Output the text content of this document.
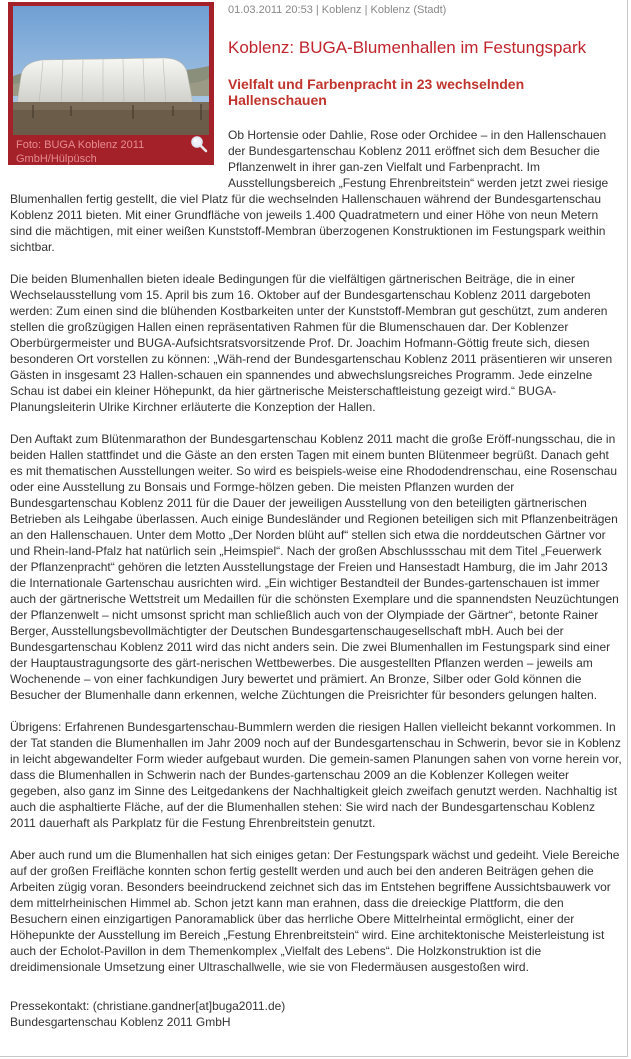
Foto: BUGA Koblenz 2011 GmbH/Hülpüsch
01.03.2011 20:53 | Koblenz | Koblenz (Stadt)
Koblenz: BUGA-Blumenhallen im Festungspark
Vielfalt und Farbenpracht in 23 wechselnden Hallenschauen

Ob Hortensie oder Dahlie, Rose oder Orchidee – in den Hallenschauen der Bundesgartenschau Koblenz 2011 eröffnet sich dem Besucher die Pflanzenwelt in ihrer gan-zen Vielfalt und Farbenpracht. Im Ausstellungsbereich „Festung Ehrenbreitstein“ werden jetzt zwei riesige Blumenhallen fertig gestellt, die viel Platz für die wechselnden Hallenschauen während der Bundesgartenschau Koblenz 2011 bieten. Mit einer Grundfläche von jeweils 1.400 Quadratmetern und einer Höhe von neun Metern sind die mächtigen, mit einer weißen Kunststoff-Membran überzogenen Konstruktionen im Festungspark weithin sichtbar.

Die beiden Blumenhallen bieten ideale Bedingungen für die vielfältigen gärtnerischen Beiträge, die in einer Wechselausstellung vom 15. April bis zum 16. Oktober auf der Bundesgartenschau Koblenz 2011 dargeboten werden: Zum einen sind die blühenden Kostbarkeiten unter der Kunststoff-Membran gut geschützt, zum anderen stellen die großzügigen Hallen einen repräsentativen Rahmen für die Blumenschauen dar. Der Koblenzer Oberbürgermeister und BUGA-Aufsichtsratsvorsitzende Prof. Dr. Joachim Hofmann-Göttig freute sich, diesen besonderen Ort vorstellen zu können: „Wäh-rend der Bundesgartenschau Koblenz 2011 präsentieren wir unseren Gästen in insgesamt 23 Hallen-schauen ein spannendes und abwechslungsreiches Programm. Jede einzelne Schau ist dabei ein kleiner Höhepunkt, da hier gärtnerische Meisterschaftleistung gezeigt wird.“ BUGA-Planungsleiterin Ulrike Kirchner erläuterte die Konzeption der Hallen.

Den Auftakt zum Blütenmarathon der Bundesgartenschau Koblenz 2011 macht die große Eröff-nungsschau, die in beiden Hallen stattfindet und die Gäste an den ersten Tagen mit einem bunten Blütenmeer begrüßt. Danach geht es mit thematischen Ausstellungen weiter. So wird es beispiels-weise eine Rhododendrenschau, eine Rosenschau oder eine Ausstellung zu Bonsais und Formge-hölzen geben. Die meisten Pflanzen wurden der Bundesgartenschau Koblenz 2011 für die Dauer der jeweiligen Ausstellung von den beteiligten gärtnerischen Betrieben als Leihgabe überlassen. Auch einige Bundesländer und Regionen beteiligen sich mit Pflanzenbeiträgen an den Hallenschauen. Unter dem Motto „Der Norden blüht auf“ stellen sich etwa die norddeutschen Gärtner vor und Rhein-land-Pfalz hat natürlich sein „Heimspiel“. Nach der großen Abschlussschau mit dem Titel „Feuerwerk der Pflanzenpracht“ gehören die letzten Ausstellungstage der Freien und Hansestadt Hamburg, die im Jahr 2013 die Internationale Gartenschau ausrichten wird. „Ein wichtiger Bestandteil der Bundes-gartenschauen ist immer auch der gärtnerische Wettstreit um Medaillen für die schönsten Exemplare und die spannendsten Neuzüchtungen der Pflanzenwelt – nicht umsonst spricht man schließlich auch von der Olympiade der Gärtner“, betonte Rainer Berger, Ausstellungsbevollmächtigter der Deutschen Bundesgartenschaugesellschaft mbH. Auch bei der Bundesgartenschau Koblenz 2011 wird das nicht anders sein. Die zwei Blumenhallen im Festungspark sind einer der Hauptaustragungsorte des gärt-nerischen Wettbewerbes. Die ausgestellten Pflanzen werden – jeweils am Wochenende – von einer fachkundigen Jury bewertet und prämiert. An Bronze, Silber oder Gold können die Besucher der Blumenhalle dann erkennen, welche Züchtungen die Preisrichter für besonders gelungen halten.

Übrigens: Erfahrenen Bundesgartenschau-Bummlern werden die riesigen Hallen vielleicht bekannt vorkommen. In der Tat standen die Blumenhallen im Jahr 2009 noch auf der Bundesgartenschau in Schwerin, bevor sie in Koblenz in leicht abgewandelter Form wieder aufgebaut wurden. Die gemein-samen Planungen sahen von vorne herein vor, dass die Blumenhallen in Schwerin nach der Bundes-gartenschau 2009 an die Koblenzer Kollegen weiter gegeben, also ganz im Sinne des Leitgedankens der Nachhaltigkeit gleich zweifach genutzt werden. Nachhaltig ist auch die asphaltierte Fläche, auf der die Blumenhallen stehen: Sie wird nach der Bundesgartenschau Koblenz 2011 dauerhaft als Parkplatz für die Festung Ehrenbreitstein genutzt.

Aber auch rund um die Blumenhallen hat sich einiges getan: Der Festungspark wächst und gedeiht. Viele Bereiche auf der großen Freifläche konnten schon fertig gestellt werden und auch bei den anderen Beiträgen gehen die Arbeiten zügig voran. Besonders beeindruckend zeichnet sich das im Entstehen begriffene Aussichtsbauwerk vor dem mittelrheinischen Himmel ab. Schon jetzt kann man erahnen, dass die dreieckige Plattform, die den Besuchern einen einzigartigen Panoramablick über das herrliche Obere Mittelrheintal ermöglicht, einer der Höhepunkte der Ausstellung im Bereich „Festung Ehrenbreitstein“ wird. Eine architektonische Meisterleistung ist auch der Echolot-Pavillon in dem Themenkomplex „Vielfalt des Lebens“. Die Holzkonstruktion ist die dreidimensionale Umsetzung einer Ultraschallwelle, wie sie von Fledermäusen ausgestoßen wird.

Pressekontakt: (christiane.gandner[at]buga2011.de)
Bundesgartenschau Koblenz 2011 GmbH
